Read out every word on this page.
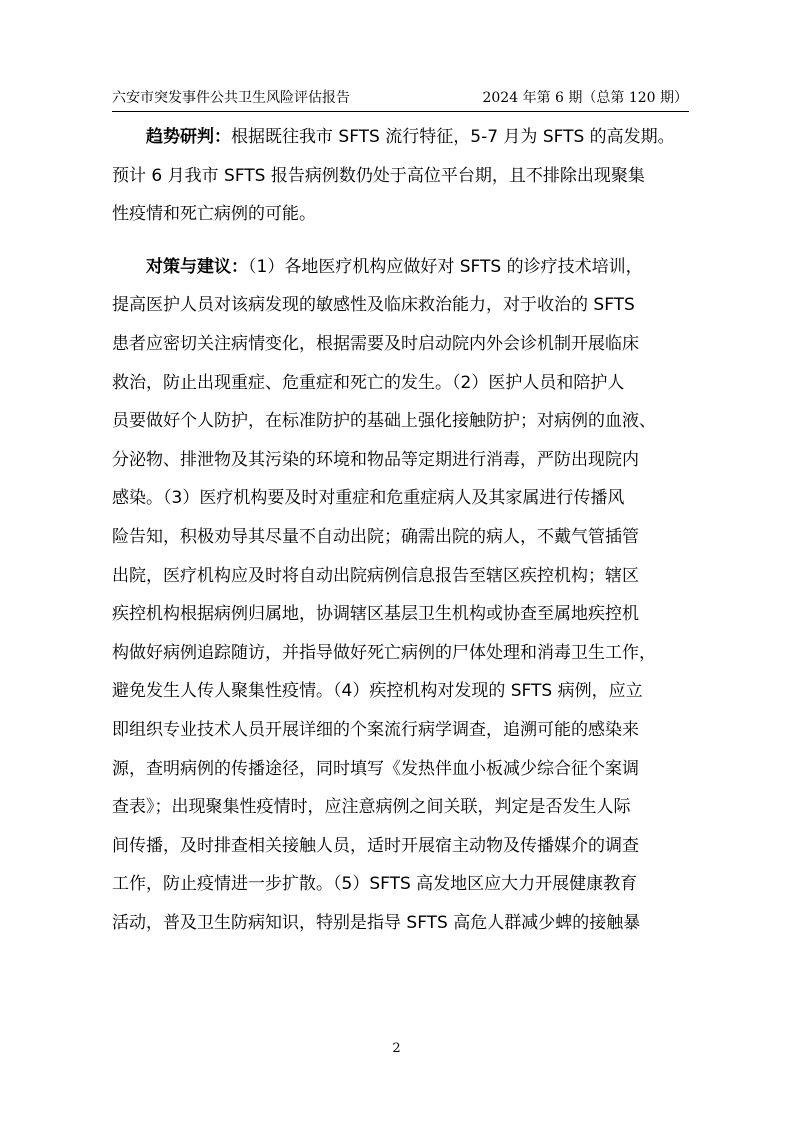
六安市突发事件公共卫生风险评估报告	2024 年第 6 期（总第 120 期）
趋势研判：根据既往我市 SFTS 流行特征，5-7 月为 SFTS 的高发期。
预计 6 月我市 SFTS 报告病例数仍处于高位平台期，且不排除出现聚集
性疫情和死亡病例的可能。
对策与建议：（1）各地医疗机构应做好对 SFTS 的诊疗技术培训，
提高医护人员对该病发现的敏感性及临床救治能力，对于收治的 SFTS
患者应密切关注病情变化，根据需要及时启动院内外会诊机制开展临床
救治，防止出现重症、危重症和死亡的发生。（2）医护人员和陪护人
员要做好个人防护，在标准防护的基础上强化接触防护；对病例的血液、
分泌物、排泄物及其污染的环境和物品等定期进行消毒，严防出现院内
感染。（3）医疗机构要及时对重症和危重症病人及其家属进行传播风
险告知，积极劝导其尽量不自动出院；确需出院的病人，不戴气管插管
出院，医疗机构应及时将自动出院病例信息报告至辖区疾控机构；辖区
疾控机构根据病例归属地，协调辖区基层卫生机构或协查至属地疾控机
构做好病例追踪随访，并指导做好死亡病例的尸体处理和消毒卫生工作，
避免发生人传人聚集性疫情。（4）疾控机构对发现的 SFTS 病例，应立
即组织专业技术人员开展详细的个案流行病学调查，追溯可能的感染来
源，查明病例的传播途径，同时填写《发热伴血小板减少综合征个案调
查表》；出现聚集性疫情时，应注意病例之间关联，判定是否发生人际
间传播，及时排查相关接触人员，适时开展宿主动物及传播媒介的调查
工作，防止疫情进一步扩散。（5）SFTS 高发地区应大力开展健康教育
活动，普及卫生防病知识，特别是指导 SFTS 高危人群减少蜱的接触暴
2
